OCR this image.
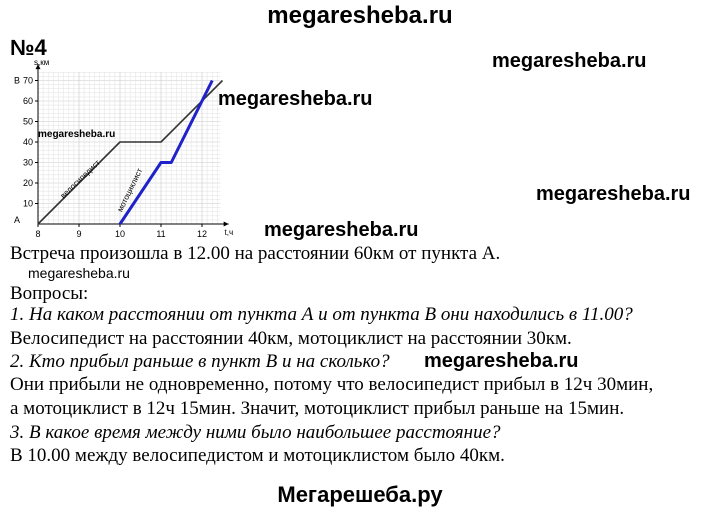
megaresheba.ru
№4
8	9	10	11	12
10
20
30
40
50
60
70
s,км
t,ч
A
B
велосипедист мотоциклист
megaresheba.ru
megaresheba.ru
megaresheba.ru
megaresheba.ru
megaresheba.ru
Встреча произошла в 12.00 на расстоянии 60км от пункта А.
megaresheba.ru
Вопросы:
1. На каком расстоянии от пункта А и от пункта В они находились в 11.00?
Велосипедист на расстоянии 40км, мотоциклист на расстоянии 30км.
2. Кто прибыл раньше в пункт В и на сколько? megaresheba.ru
Они прибыли не одновременно, потому что велосипедист прибыл в 12ч 30мин,
а мотоциклист в 12ч 15мин. Значит, мотоциклист прибыл раньше на 15мин.
3. В какое время между ними было наибольшее расстояние?
В 10.00 между велосипедистом и мотоциклистом было 40км.
Мегарешеба.ру
